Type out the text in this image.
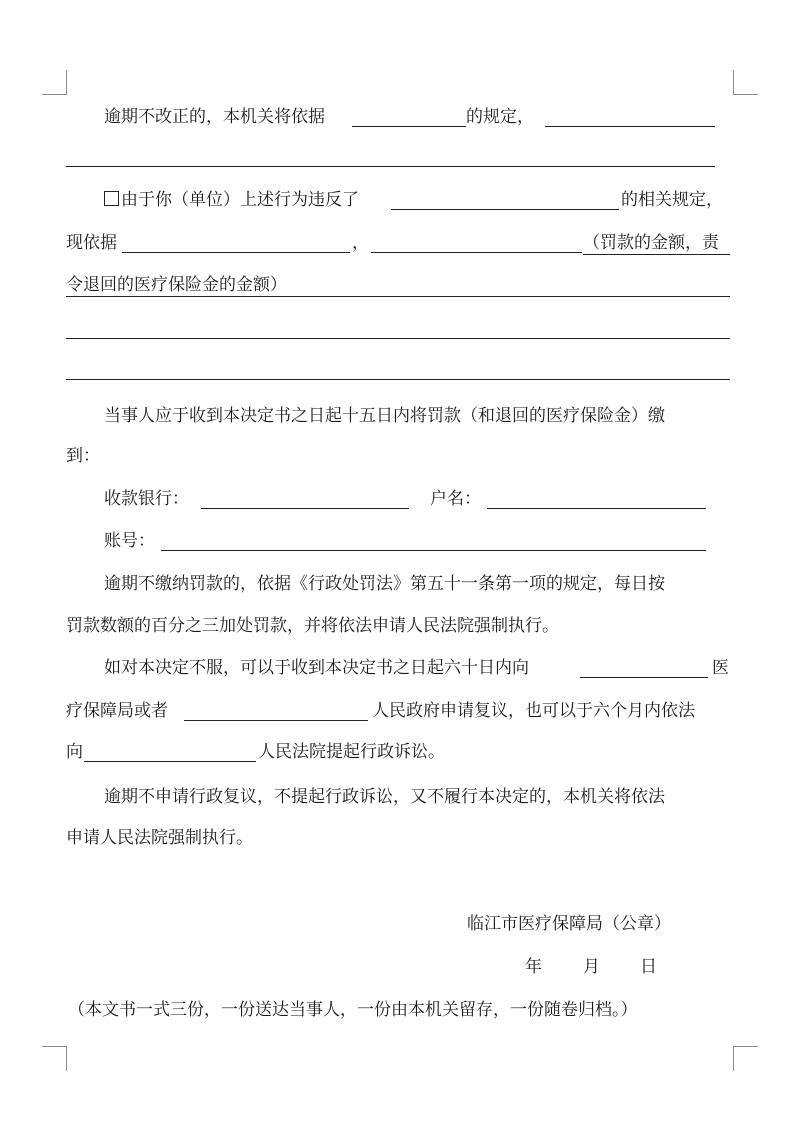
逾期不改正的，本机关将依据	的规定，
由于你（单位）上述行为违反了	的相关规定，
现依据	，	（罚款的金额，责
令退回的医疗保险金的金额）
当事人应于收到本决定书之日起十五日内将罚款（和退回的医疗保险金）缴
到：
收款银行：	户名：
账号：
逾期不缴纳罚款的，依据《行政处罚法》第五十一条第一项的规定，每日按
罚款数额的百分之三加处罚款，并将依法申请人民法院强制执行。
如对本决定不服，可以于收到本决定书之日起六十日内向	医
疗保障局或者	人民政府申请复议，也可以于六个月内依法
向	人民法院提起行政诉讼。
逾期不申请行政复议，不提起行政诉讼，又不履行本决定的，本机关将依法
申请人民法院强制执行。
临江市医疗保障局（公章）
年 月 日
（本文书一式三份，一份送达当事人，一份由本机关留存，一份随卷归档。）
